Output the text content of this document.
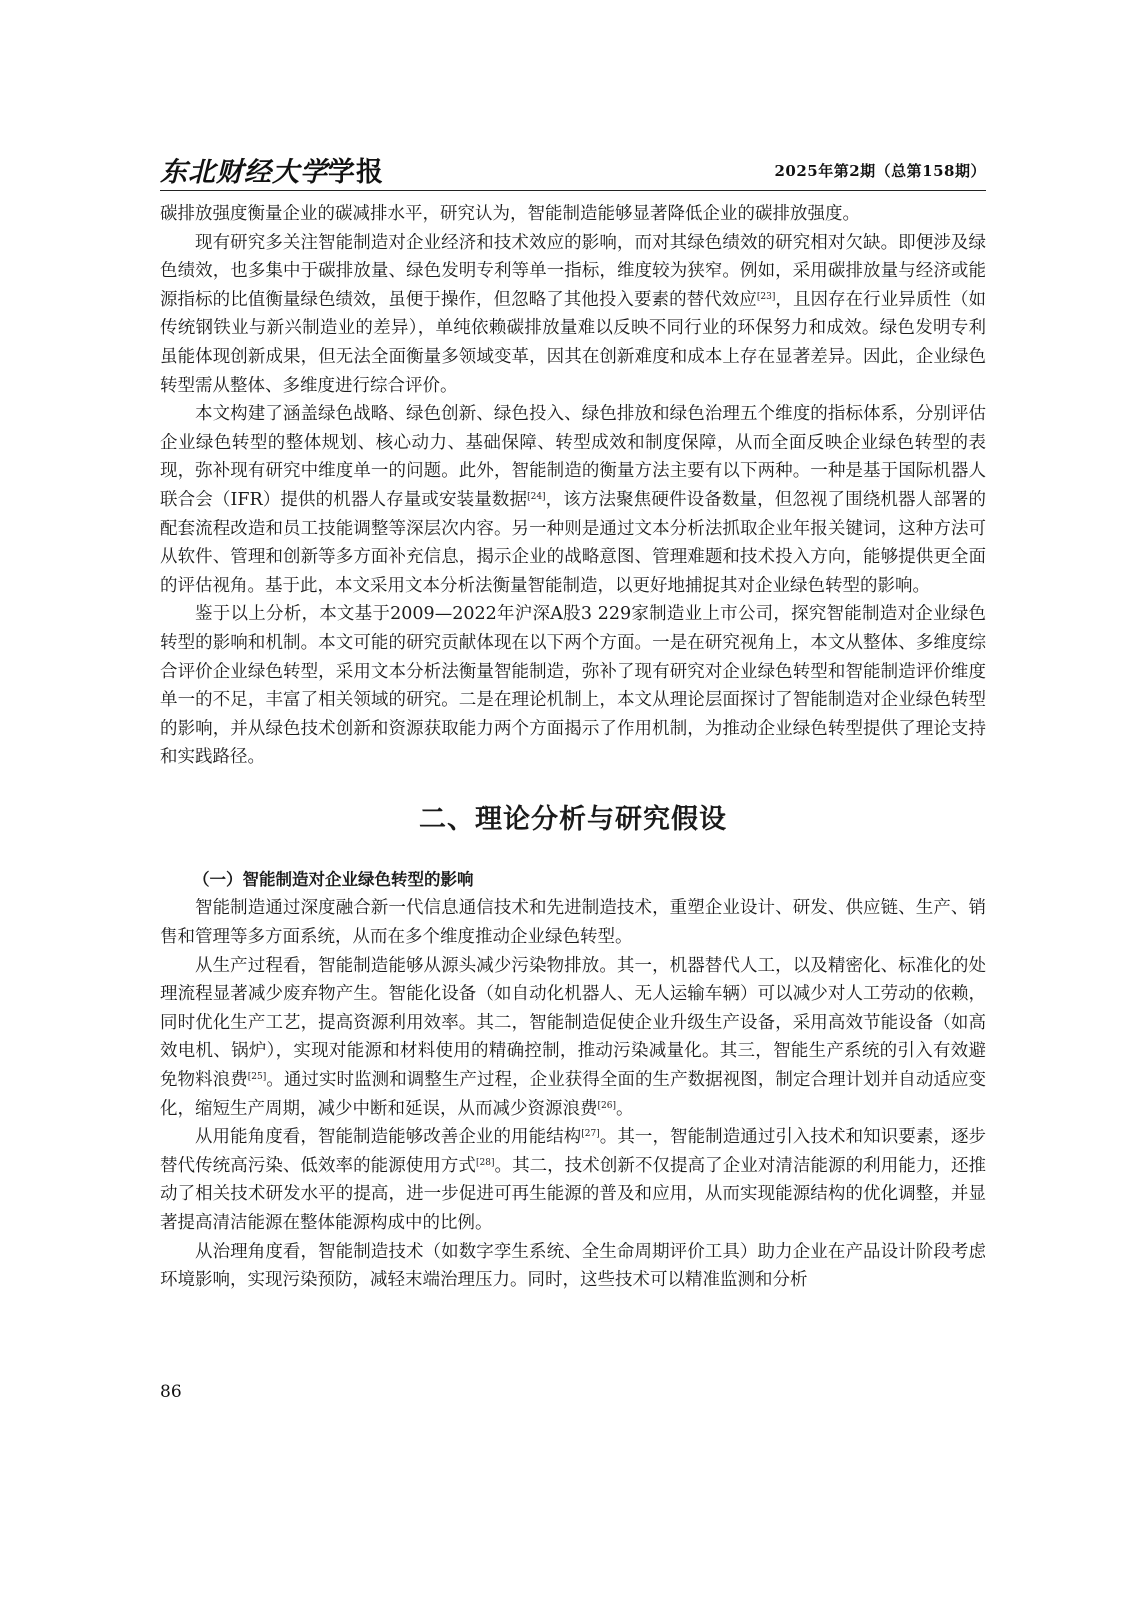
东北财经大学学报	2025年第2期（总第158期）

碳排放强度衡量企业的碳减排水平，研究认为，智能制造能够显著降低企业的碳排放强度。

现有研究多关注智能制造对企业经济和技术效应的影响，而对其绿色绩效的研究相对欠缺。即便涉及绿色绩效，也多集中于碳排放量、绿色发明专利等单一指标，维度较为狭窄。例如，采用碳排放量与经济或能源指标的比值衡量绿色绩效，虽便于操作，但忽略了其他投入要素的替代效应[23]，且因存在行业异质性（如传统钢铁业与新兴制造业的差异），单纯依赖碳排放量难以反映不同行业的环保努力和成效。绿色发明专利虽能体现创新成果，但无法全面衡量多领域变革，因其在创新难度和成本上存在显著差异。因此，企业绿色转型需从整体、多维度进行综合评价。

本文构建了涵盖绿色战略、绿色创新、绿色投入、绿色排放和绿色治理五个维度的指标体系，分别评估企业绿色转型的整体规划、核心动力、基础保障、转型成效和制度保障，从而全面反映企业绿色转型的表现，弥补现有研究中维度单一的问题。此外，智能制造的衡量方法主要有以下两种。一种是基于国际机器人联合会（IFR）提供的机器人存量或安装量数据[24]，该方法聚焦硬件设备数量，但忽视了围绕机器人部署的配套流程改造和员工技能调整等深层次内容。另一种则是通过文本分析法抓取企业年报关键词，这种方法可从软件、管理和创新等多方面补充信息，揭示企业的战略意图、管理难题和技术投入方向，能够提供更全面的评估视角。基于此，本文采用文本分析法衡量智能制造，以更好地捕捉其对企业绿色转型的影响。

鉴于以上分析，本文基于2009—2022年沪深A股3 229家制造业上市公司，探究智能制造对企业绿色转型的影响和机制。本文可能的研究贡献体现在以下两个方面。一是在研究视角上，本文从整体、多维度综合评价企业绿色转型，采用文本分析法衡量智能制造，弥补了现有研究对企业绿色转型和智能制造评价维度单一的不足，丰富了相关领域的研究。二是在理论机制上，本文从理论层面探讨了智能制造对企业绿色转型的影响，并从绿色技术创新和资源获取能力两个方面揭示了作用机制，为推动企业绿色转型提供了理论支持和实践路径。

二、理论分析与研究假设

（一）智能制造对企业绿色转型的影响

智能制造通过深度融合新一代信息通信技术和先进制造技术，重塑企业设计、研发、供应链、生产、销售和管理等多方面系统，从而在多个维度推动企业绿色转型。

从生产过程看，智能制造能够从源头减少污染物排放。其一，机器替代人工，以及精密化、标准化的处理流程显著减少废弃物产生。智能化设备（如自动化机器人、无人运输车辆）可以减少对人工劳动的依赖，同时优化生产工艺，提高资源利用效率。其二，智能制造促使企业升级生产设备，采用高效节能设备（如高效电机、锅炉），实现对能源和材料使用的精确控制，推动污染减量化。其三，智能生产系统的引入有效避免物料浪费[25]。通过实时监测和调整生产过程，企业获得全面的生产数据视图，制定合理计划并自动适应变化，缩短生产周期，减少中断和延误，从而减少资源浪费[26]。

从用能角度看，智能制造能够改善企业的用能结构[27]。其一，智能制造通过引入技术和知识要素，逐步替代传统高污染、低效率的能源使用方式[28]。其二，技术创新不仅提高了企业对清洁能源的利用能力，还推动了相关技术研发水平的提高，进一步促进可再生能源的普及和应用，从而实现能源结构的优化调整，并显著提高清洁能源在整体能源构成中的比例。

从治理角度看，智能制造技术（如数字孪生系统、全生命周期评价工具）助力企业在产品设计阶段考虑环境影响，实现污染预防，减轻末端治理压力。同时，这些技术可以精准监测和分析

86
